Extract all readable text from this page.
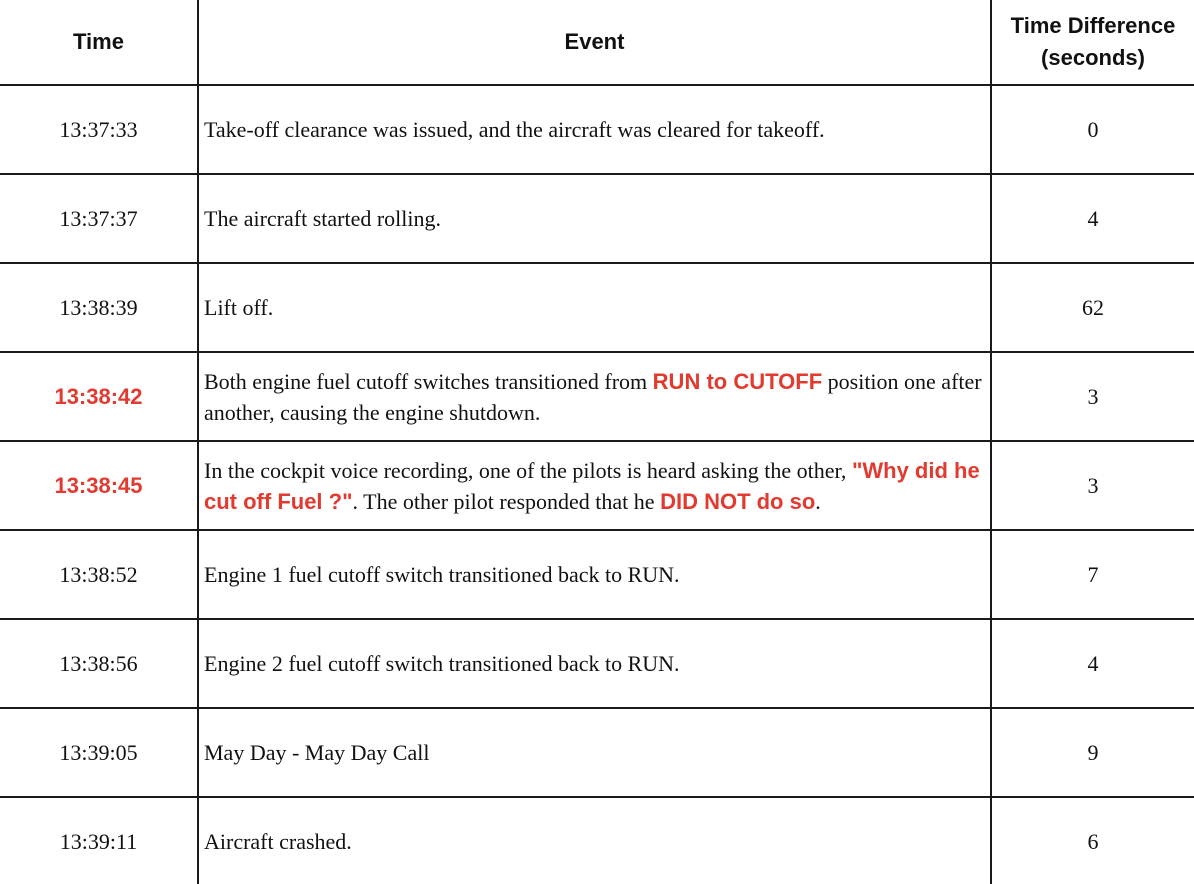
Time	Event	Time Difference
(seconds)
13:37:33	Take-off clearance was issued, and the aircraft was cleared for takeoff.	0
13:37:37	The aircraft started rolling.	4
13:38:39	Lift off.	62
13:38:42	Both engine fuel cutoff switches transitioned from RUN to CUTOFF position one after another, causing the engine shutdown.	3
13:38:45	In the cockpit voice recording, one of the pilots is heard asking the other, "Why did he cut off Fuel ?". The other pilot responded that he DID NOT do so.	3
13:38:52	Engine 1 fuel cutoff switch transitioned back to RUN.	7
13:38:56	Engine 2 fuel cutoff switch transitioned back to RUN.	4
13:39:05	May Day - May Day Call	9
13:39:11	Aircraft crashed.	6
